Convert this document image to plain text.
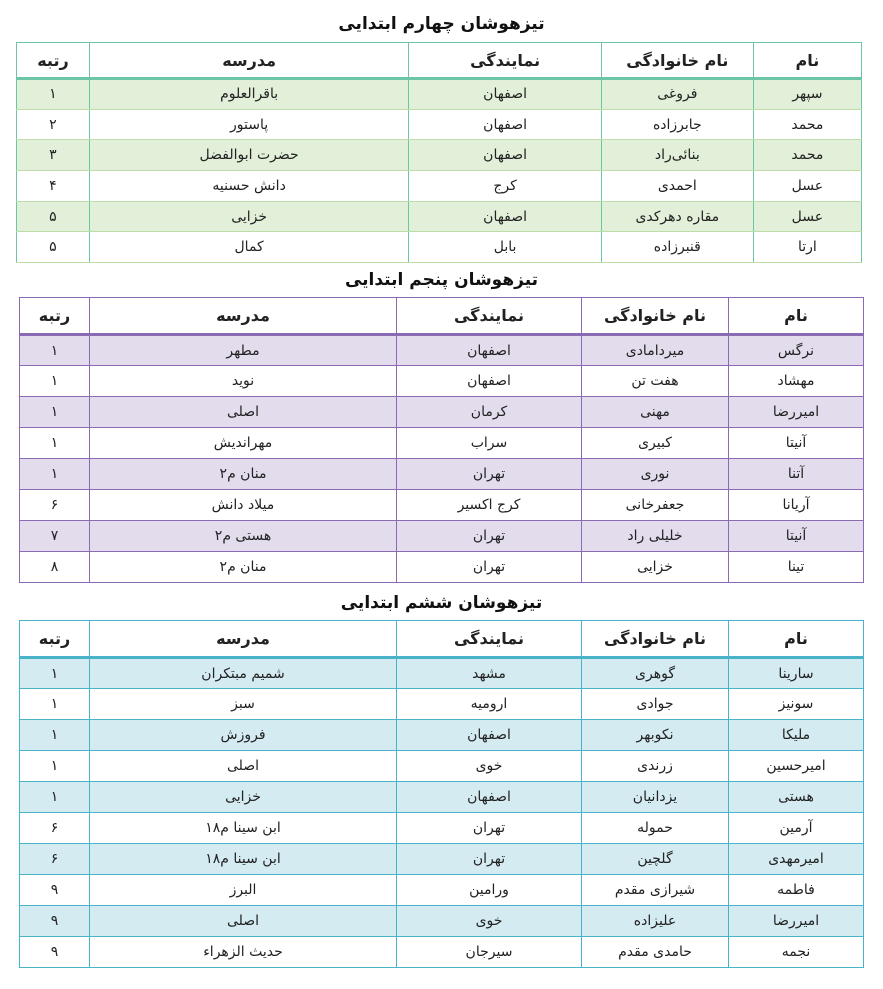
تیزهوشان چهارم ابتدایی
نام	نام خانوادگی	نمایندگی	مدرسه	رتبه
سپهر	فروغی	اصفهان	باقرالعلوم	۱
محمد	جابرزاده	اصفهان	پاستور	۲
محمد	بنائی‌راد	اصفهان	حضرت ابوالفضل	۳
عسل	احمدی	کرج	دانش حسنیه	۴
عسل	مقاره دهرکدی	اصفهان	خزایی	۵
ارتا	قنبرزاده	بابل	کمال	۵
تیزهوشان پنجم ابتدایی
نام	نام خانوادگی	نمایندگی	مدرسه	رتبه
نرگس	میردامادی	اصفهان	مطهر	۱
مهشاد	هفت تن	اصفهان	نوید	۱
امیررضا	مهنی	کرمان	اصلی	۱
آنیتا	کبیری	سراب	مهراندیش	۱
آتنا	نوری	تهران	منان م۲	۱
آریانا	جعفرخانی	کرج اکسیر	میلاد دانش	۶
آنیتا	خلیلی راد	تهران	هستی م۲	۷
تینا	خزایی	تهران	منان م۲	۸
تیزهوشان ششم ابتدایی
نام	نام خانوادگی	نمایندگی	مدرسه	رتبه
سارینا	گوهری	مشهد	شمیم مبتکران	۱
سونیز	جوادی	ارومیه	سبز	۱
ملیکا	نکوبهر	اصفهان	فروزش	۱
امیرحسین	زرندی	خوی	اصلی	۱
هستی	یزدانیان	اصفهان	خزایی	۱
آرمین	حموله	تهران	ابن سینا م۱۸	۶
امیرمهدی	گلچین	تهران	ابن سینا م۱۸	۶
فاطمه	شیرازی مقدم	ورامین	البرز	۹
امیررضا	علیزاده	خوی	اصلی	۹
نجمه	حامدی مقدم	سیرجان	حدیث الزهراء	۹
